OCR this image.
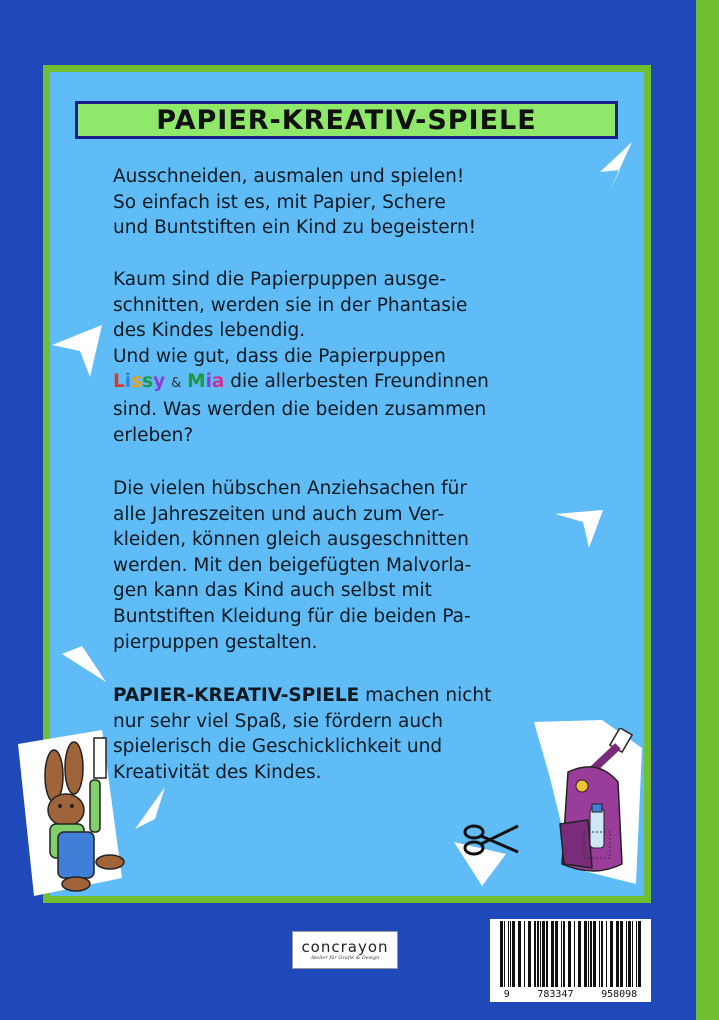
PAPIER-KREATIV-SPIELE
Ausschneiden, ausmalen und spielen!
So einfach ist es, mit Papier, Schere
und Buntstiften ein Kind zu begeistern!
Kaum sind die Papierpuppen ausge-
schnitten, werden sie in der Phantasie
des Kindes lebendig.
Und wie gut, dass die Papierpuppen
Lissy & Mia die allerbesten Freundinnen
sind. Was werden die beiden zusammen
erleben?
Die vielen hübschen Anziehsachen für
alle Jahreszeiten und auch zum Ver-
kleiden, können gleich ausgeschnitten
werden. Mit den beigefügten Malvorla-
gen kann das Kind auch selbst mit
Buntstiften Kleidung für die beiden Pa-
pierpuppen gestalten.
PAPIER-KREATIV-SPIELE machen nicht
nur sehr viel Spaß, sie fördern auch
spielerisch die Geschicklichkeit und
Kreativität des Kindes.
concrayon
Atelier für Grafik & Design
9	783347	958098
